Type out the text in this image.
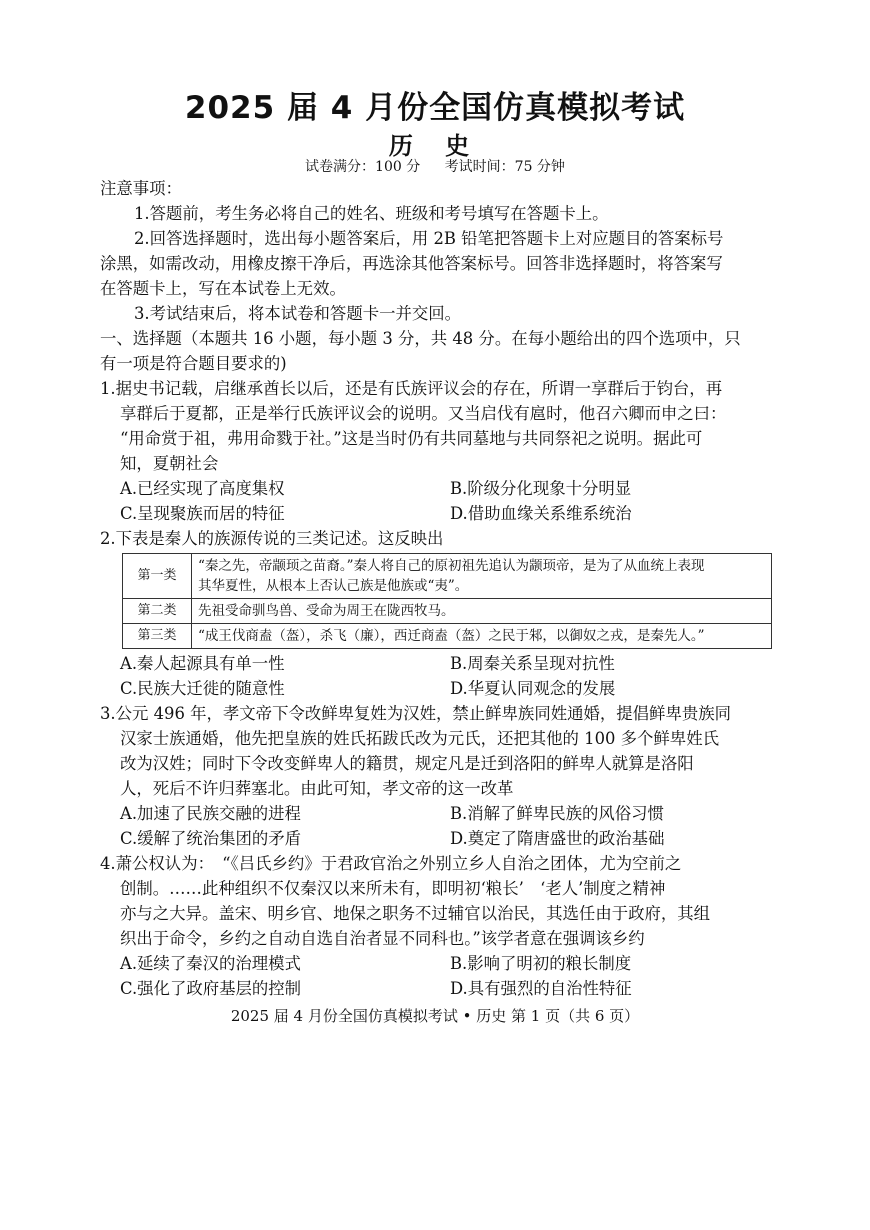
2025 届 4 月份全国仿真模拟考试
历 史
试卷满分：100 分 考试时间：75 分钟
注意事项：
1.答题前，考生务必将自己的姓名、班级和考号填写在答题卡上。
2.回答选择题时，选出每小题答案后，用 2B 铅笔把答题卡上对应题目的答案标号
涂黑，如需改动，用橡皮擦干净后，再选涂其他答案标号。回答非选择题时，将答案写
在答题卡上，写在本试卷上无效。
3.考试结束后，将本试卷和答题卡一并交回。
一、选择题（本题共 16 小题，每小题 3 分，共 48 分。在每小题给出的四个选项中，只
有一项是符合题目要求的)
1.据史书记载，启继承酋长以后，还是有氏族评议会的存在，所谓一享群后于钧台，再
享群后于夏都，正是举行氏族评议会的说明。又当启伐有扈时，他召六卿而申之曰：
“用命赏于祖，弗用命戮于社。”这是当时仍有共同墓地与共同祭祀之说明。据此可
知，夏朝社会
A.已经实现了高度集权	B.阶级分化现象十分明显
C.呈现聚族而居的特征	D.借助血缘关系维系统治
2.下表是秦人的族源传说的三类记述。这反映出
第一类	“秦之先，帝颛顼之苗裔。”秦人将自己的原初祖先追认为颛顼帝，是为了从血统上表现
其华夏性，从根本上否认己族是他族或“夷”。

第二类	先祖受命驯鸟兽、受命为周王在陇西牧马。
第三类	“成王伐商盍（盔），杀飞（廉），西迁商盍（盔）之民于邾，以御奴之戎，是秦先人。”
A.秦人起源具有单一性	B.周秦关系呈现对抗性
C.民族大迁徙的随意性	D.华夏认同观念的发展
3.公元 496 年，孝文帝下令改鲜卑复姓为汉姓，禁止鲜卑族同姓通婚，提倡鲜卑贵族同
汉家士族通婚，他先把皇族的姓氏拓跋氏改为元氏，还把其他的 100 多个鲜卑姓氏
改为汉姓；同时下令改变鲜卑人的籍贯，规定凡是迁到洛阳的鲜卑人就算是洛阳
人，死后不许归葬塞北。由此可知，孝文帝的这一改革
A.加速了民族交融的进程	B.消解了鲜卑民族的风俗习惯
C.缓解了统治集团的矛盾	D.奠定了隋唐盛世的政治基础
4.萧公权认为：　“《吕氏乡约》于君政官治之外别立乡人自治之团体，尤为空前之
创制。……此种组织不仅秦汉以来所未有，即明初‘粮长’　‘老人’制度之精神
亦与之大异。盖宋、明乡官、地保之职务不过辅官以治民，其选任由于政府，其组
织出于命令，乡约之自动自选自治者显不同科也。”该学者意在强调该乡约
A.延续了秦汉的治理模式	B.影响了明初的粮长制度
C.强化了政府基层的控制	D.具有强烈的自治性特征
2025 届 4 月份全国仿真模拟考试 • 历史 第 1 页（共 6 页）
